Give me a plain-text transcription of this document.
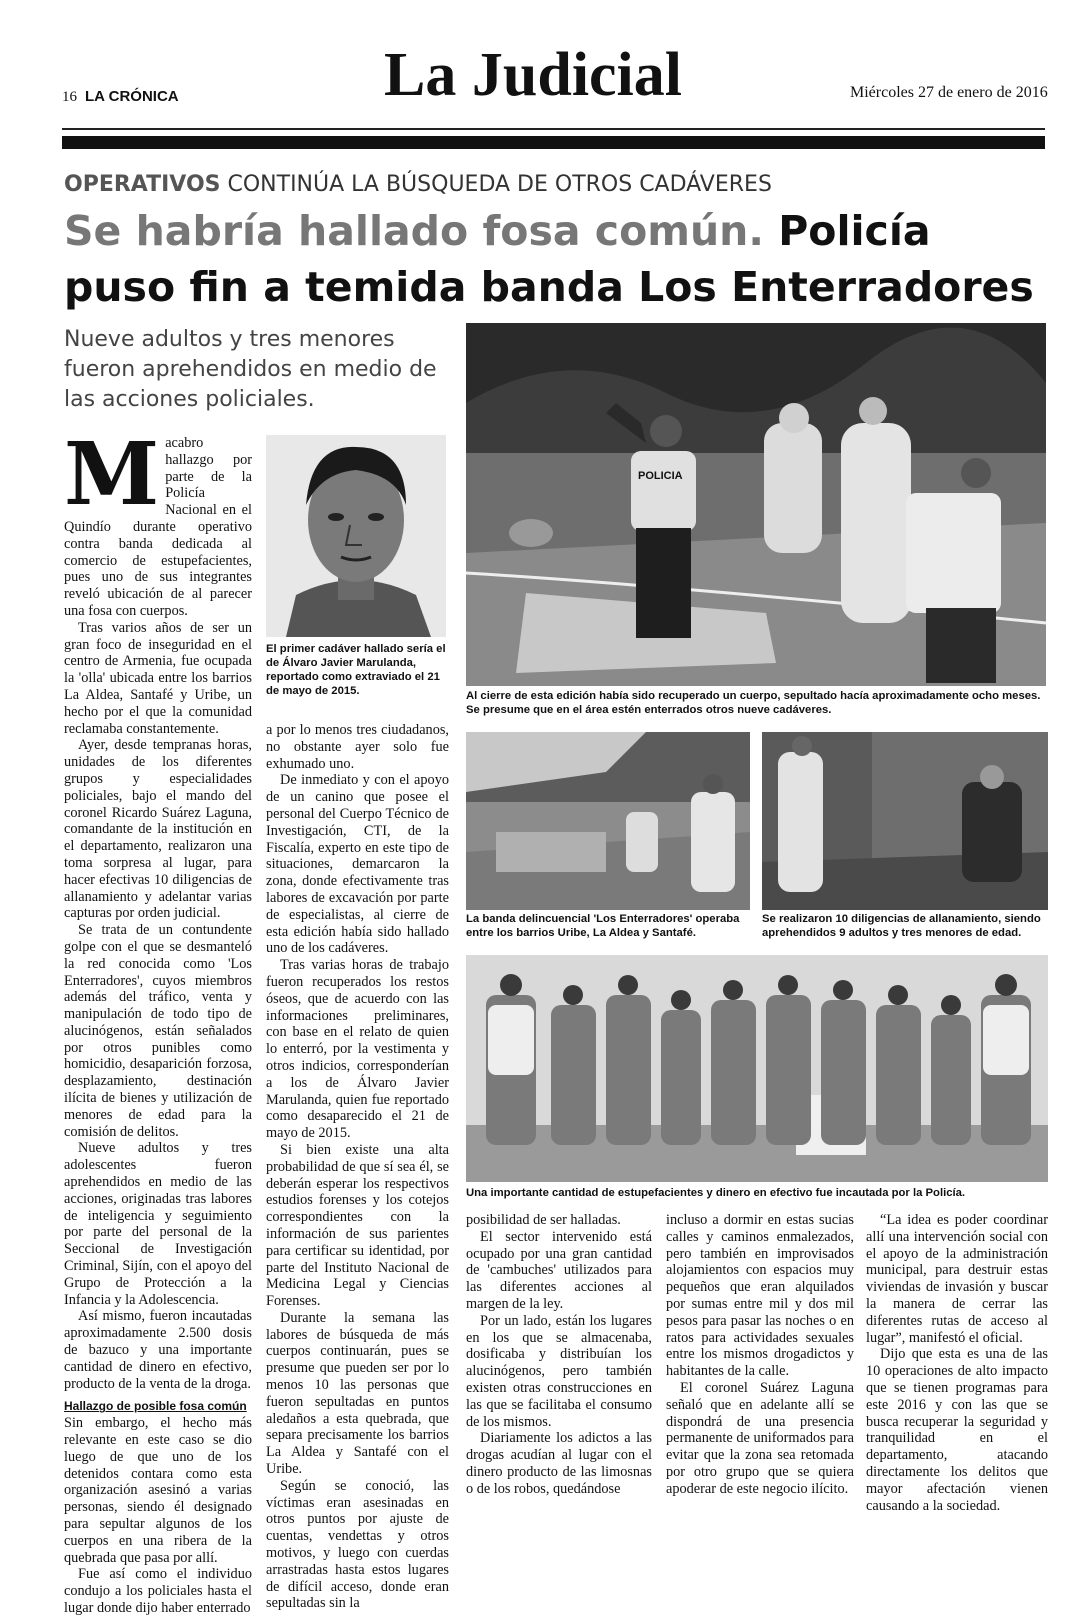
16 LA CRÓNICA	La Judicial	Miércoles 27 de enero de 2016
OPERATIVOS CONTINÚA LA BÚSQUEDA DE OTROS CADÁVERES
Se habría hallado fosa común. Policía puso fin a temida banda Los Enterradores
Nueve adultos y tres menores fueron aprehendidos en medio de las acciones policiales.
M acabro hallazgo por parte de la Policía Nacional en el Quindío durante operativo contra banda dedicada al comercio de estupefacientes, pues uno de sus integrantes reveló ubicación de al parecer una fosa con cuerpos.

Tras varios años de ser un gran foco de inseguridad en el centro de Armenia, fue ocupada la 'olla' ubicada entre los barrios La Aldea, Santafé y Uribe, un hecho por el que la comunidad reclamaba constantemente.

Ayer, desde tempranas horas, unidades de los diferentes grupos y especialidades policiales, bajo el mando del coronel Ricardo Suárez Laguna, comandante de la institución en el departamento, realizaron una toma sorpresa al lugar, para hacer efectivas 10 diligencias de allanamiento y adelantar varias capturas por orden judicial.

Se trata de un contundente golpe con el que se desmanteló la red conocida como 'Los Enterradores', cuyos miembros además del tráfico, venta y manipulación de todo tipo de alucinógenos, están señalados por otros punibles como homicidio, desaparición forzosa, desplazamiento, destinación ilícita de bienes y utilización de menores de edad para la comisión de delitos.

Nueve adultos y tres adolescentes fueron aprehendidos en medio de las acciones, originadas tras labores de inteligencia y seguimiento por parte del personal de la Seccional de Investigación Criminal, Sijín, con el apoyo del Grupo de Protección a la Infancia y la Adolescencia.

Así mismo, fueron incautadas aproximadamente 2.500 dosis de bazuco y una importante cantidad de dinero en efectivo, producto de la venta de la droga.

Hallazgo de posible fosa común

Sin embargo, el hecho más relevante en este caso se dio luego de que uno de los detenidos contara como esta organización asesinó a varias personas, siendo él designado para sepultar algunos de los cuerpos en una ribera de la quebrada que pasa por allí.

Fue así como el individuo condujo a los policiales hasta el lugar donde dijo haber enterrado

El primer cadáver hallado sería el de Álvaro Javier Marulanda, reportado como extraviado el 21 de mayo de 2015.

a por lo menos tres ciudadanos, no obstante ayer solo fue exhumado uno.

De inmediato y con el apoyo de un canino que posee el personal del Cuerpo Técnico de Investigación, CTI, de la Fiscalía, experto en este tipo de situaciones, demarcaron la zona, donde efectivamente tras labores de excavación por parte de especialistas, al cierre de esta edición había sido hallado uno de los cadáveres.

Tras varias horas de trabajo fueron recuperados los restos óseos, que de acuerdo con las informaciones preliminares, con base en el relato de quien lo enterró, por la vestimenta y otros indicios, corresponderían a los de Álvaro Javier Marulanda, quien fue reportado como desaparecido el 21 de mayo de 2015.

Si bien existe una alta probabilidad de que sí sea él, se deberán esperar los respectivos estudios forenses y los cotejos correspondientes con la información de sus parientes para certificar su identidad, por parte del Instituto Nacional de Medicina Legal y Ciencias Forenses.

Durante la semana las labores de búsqueda de más cuerpos continuarán, pues se presume que pueden ser por lo menos 10 las personas que fueron sepultadas en puntos aledaños a esta quebrada, que separa precisamente los barrios La Aldea y Santafé con el Uribe.

Según se conoció, las víctimas eran asesinadas en otros puntos por ajuste de cuentas, vendettas y otros motivos, y luego con cuerdas arrastradas hasta estos lugares de difícil acceso, donde eran sepultadas sin la

POLICIA
Al cierre de esta edición había sido recuperado un cuerpo, sepultado hacía aproximadamente ocho meses. Se presume que en el área estén enterrados otros nueve cadáveres.
La banda delincuencial 'Los Enterradores' operaba entre los barrios Uribe, La Aldea y Santafé.
Se realizaron 10 diligencias de allanamiento, siendo aprehendidos 9 adultos y tres menores de edad.
Una importante cantidad de estupefacientes y dinero en efectivo fue incautada por la Policía.

posibilidad de ser halladas.

El sector intervenido está ocupado por una gran cantidad de 'cambuches' utilizados para las diferentes acciones al margen de la ley.

Por un lado, están los lugares en los que se almacenaba, dosificaba y distribuían los alucinógenos, pero también existen otras construcciones en las que se facilitaba el consumo de los mismos.

Diariamente los adictos a las drogas acudían al lugar con el dinero producto de las limosnas o de los robos, quedándose

incluso a dormir en estas sucias calles y caminos enmalezados, pero también en improvisados alojamientos con espacios muy pequeños que eran alquilados por sumas entre mil y dos mil pesos para pasar las noches o en ratos para actividades sexuales entre los mismos drogadictos y habitantes de la calle.

El coronel Suárez Laguna señaló que en adelante allí se dispondrá de una presencia permanente de uniformados para evitar que la zona sea retomada por otro grupo que se quiera apoderar de este negocio ilícito.

“La idea es poder coordinar allí una intervención social con el apoyo de la administración municipal, para destruir estas viviendas de invasión y buscar la manera de cerrar las diferentes rutas de acceso al lugar”, manifestó el oficial.

Dijo que esta es una de las 10 operaciones de alto impacto que se tienen programas para este 2016 y con las que se busca recuperar la seguridad y tranquilidad en el departamento, atacando directamente los delitos que mayor afectación vienen causando a la sociedad.
